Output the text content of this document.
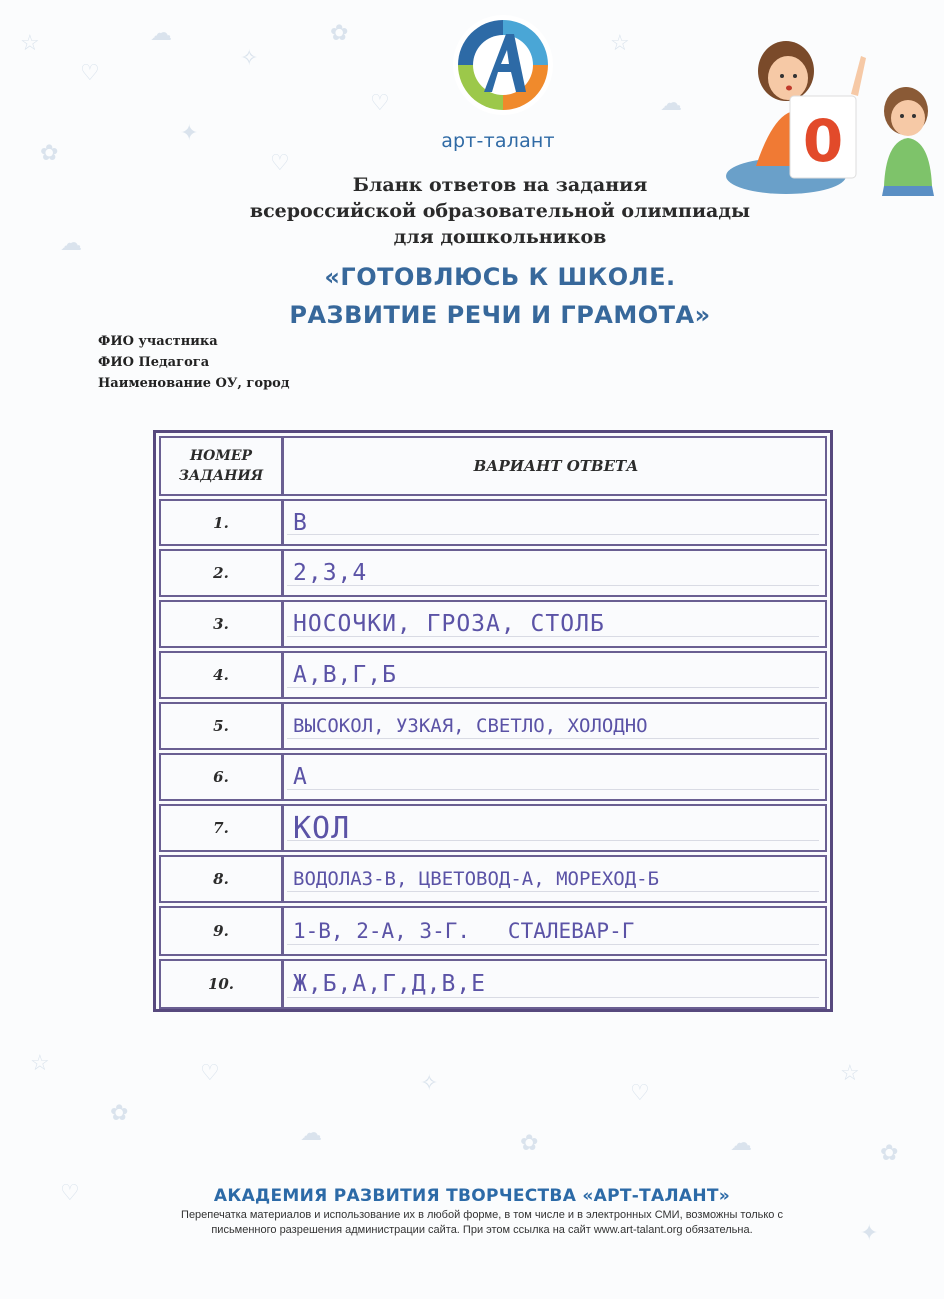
☆
♡
☁
✧
✿
♡
☆
☁
✿
✦
♡
☁
☆
✿
♡
☁
✧
✿
♡
☁
☆
✿
♡
✦
арт-талант	0
Бланк ответов на задания
всероссийской образовательной олимпиады
для дошкольников
«ГОТОВЛЮСЬ К ШКОЛЕ.
РАЗВИТИЕ РЕЧИ И ГРАМОТА»
ФИО участника
ФИО Педагога
Наименование ОУ, город
НОМЕР ЗАДАНИЯ
ВАРИАНТ ОТВЕТА
1.	В
2.	2,3,4
3.	НОСОЧКИ, ГРОЗА, СТОЛБ
4.	А,В,Г,Б
5.	ВЫСОКОЛ, УЗКАЯ, СВЕТЛО, ХОЛОДНО
6.	А
7.	КОЛ
8.	ВОДОЛАЗ-В, ЦВЕТОВОД-А, МОРЕХОД-Б
9.	1-В, 2-А, 3-Г.   СТАЛЕВАР-Г
10.	Ж,Б,А,Г,Д,В,Е
АКАДЕМИЯ РАЗВИТИЯ ТВОРЧЕСТВА «АРТ-ТАЛАНТ»
Перепечатка материалов и использование их в любой форме, в том числе и в электронных СМИ, возможны только с
письменного разрешения администрации сайта. При этом ссылка на сайт www.art-talant.org обязательна.
